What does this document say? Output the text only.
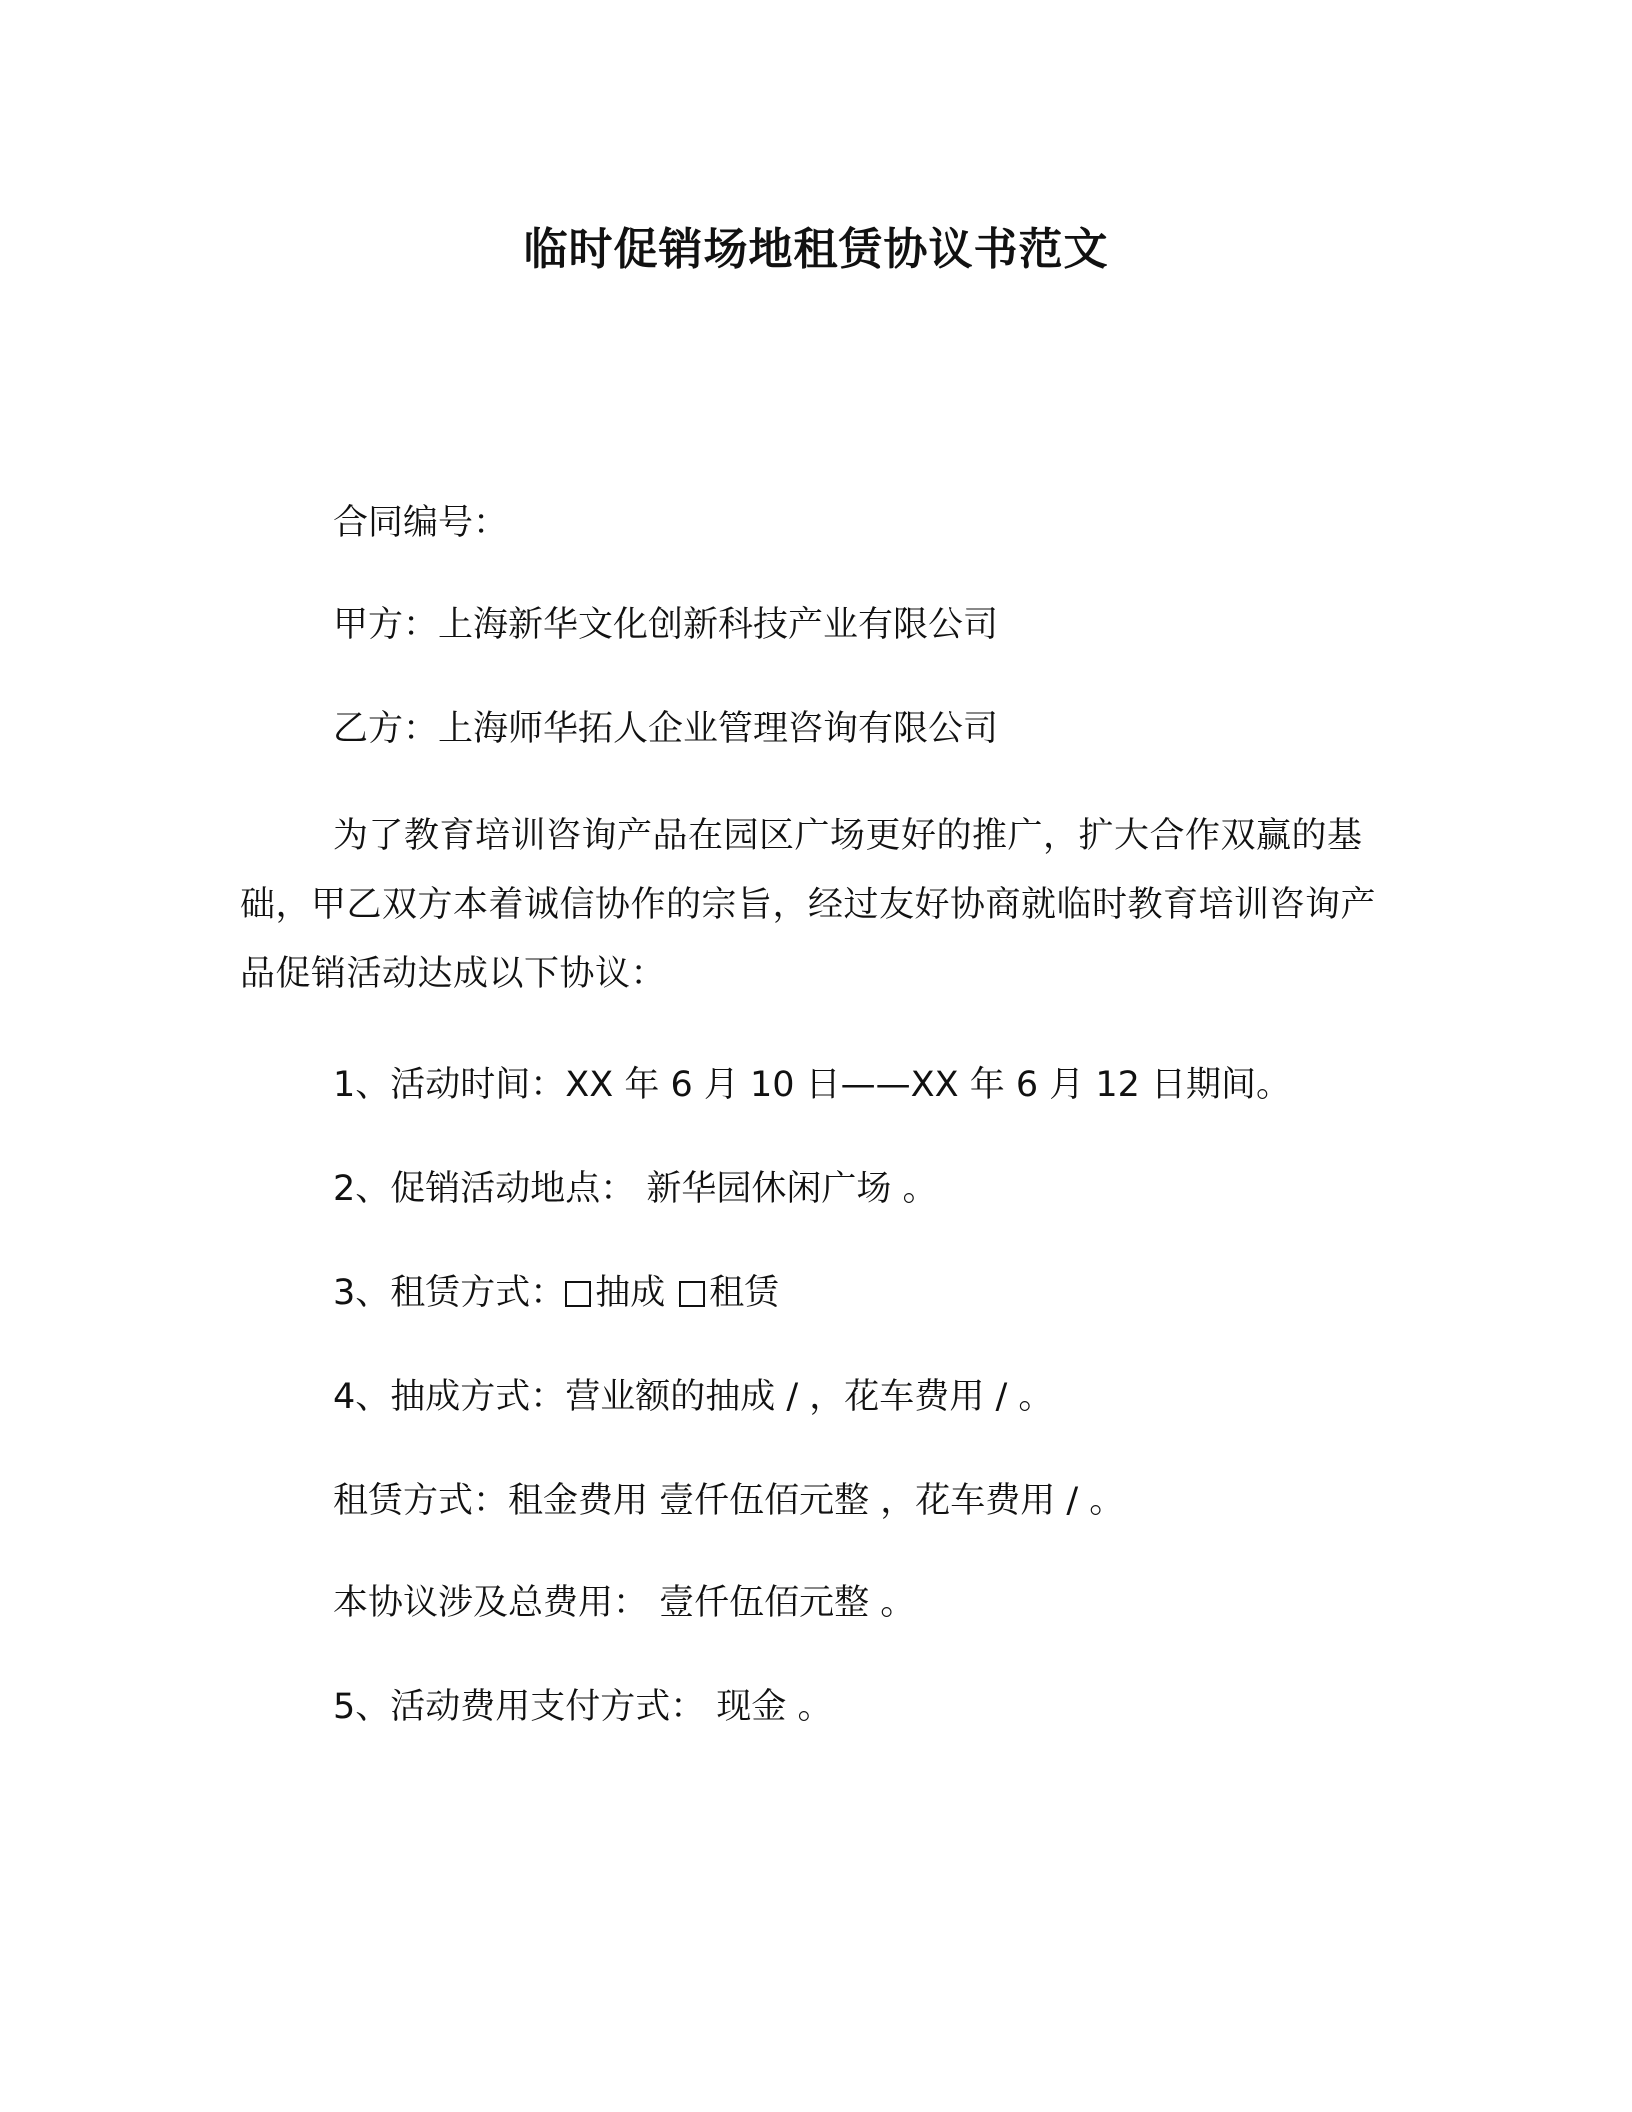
临时促销场地租赁协议书范文
合同编号：
甲方：上海新华文化创新科技产业有限公司
乙方：上海师华拓人企业管理咨询有限公司
为了教育培训咨询产品在园区广场更好的推广，扩大合作双赢的基础，甲乙双方本着诚信协作的宗旨，经过友好协商就临时教育培训咨询产品促销活动达成以下协议：
1、活动时间：XX 年 6 月 10 日——XX 年 6 月 12 日期间。
2、促销活动地点： 新华园休闲广场 。
3、租赁方式： 抽成 租赁
4、抽成方式：营业额的抽成 / ，花车费用 / 。
租赁方式：租金费用 壹仟伍佰元整 ，花车费用 / 。
本协议涉及总费用： 壹仟伍佰元整 。
5、活动费用支付方式： 现金 。
